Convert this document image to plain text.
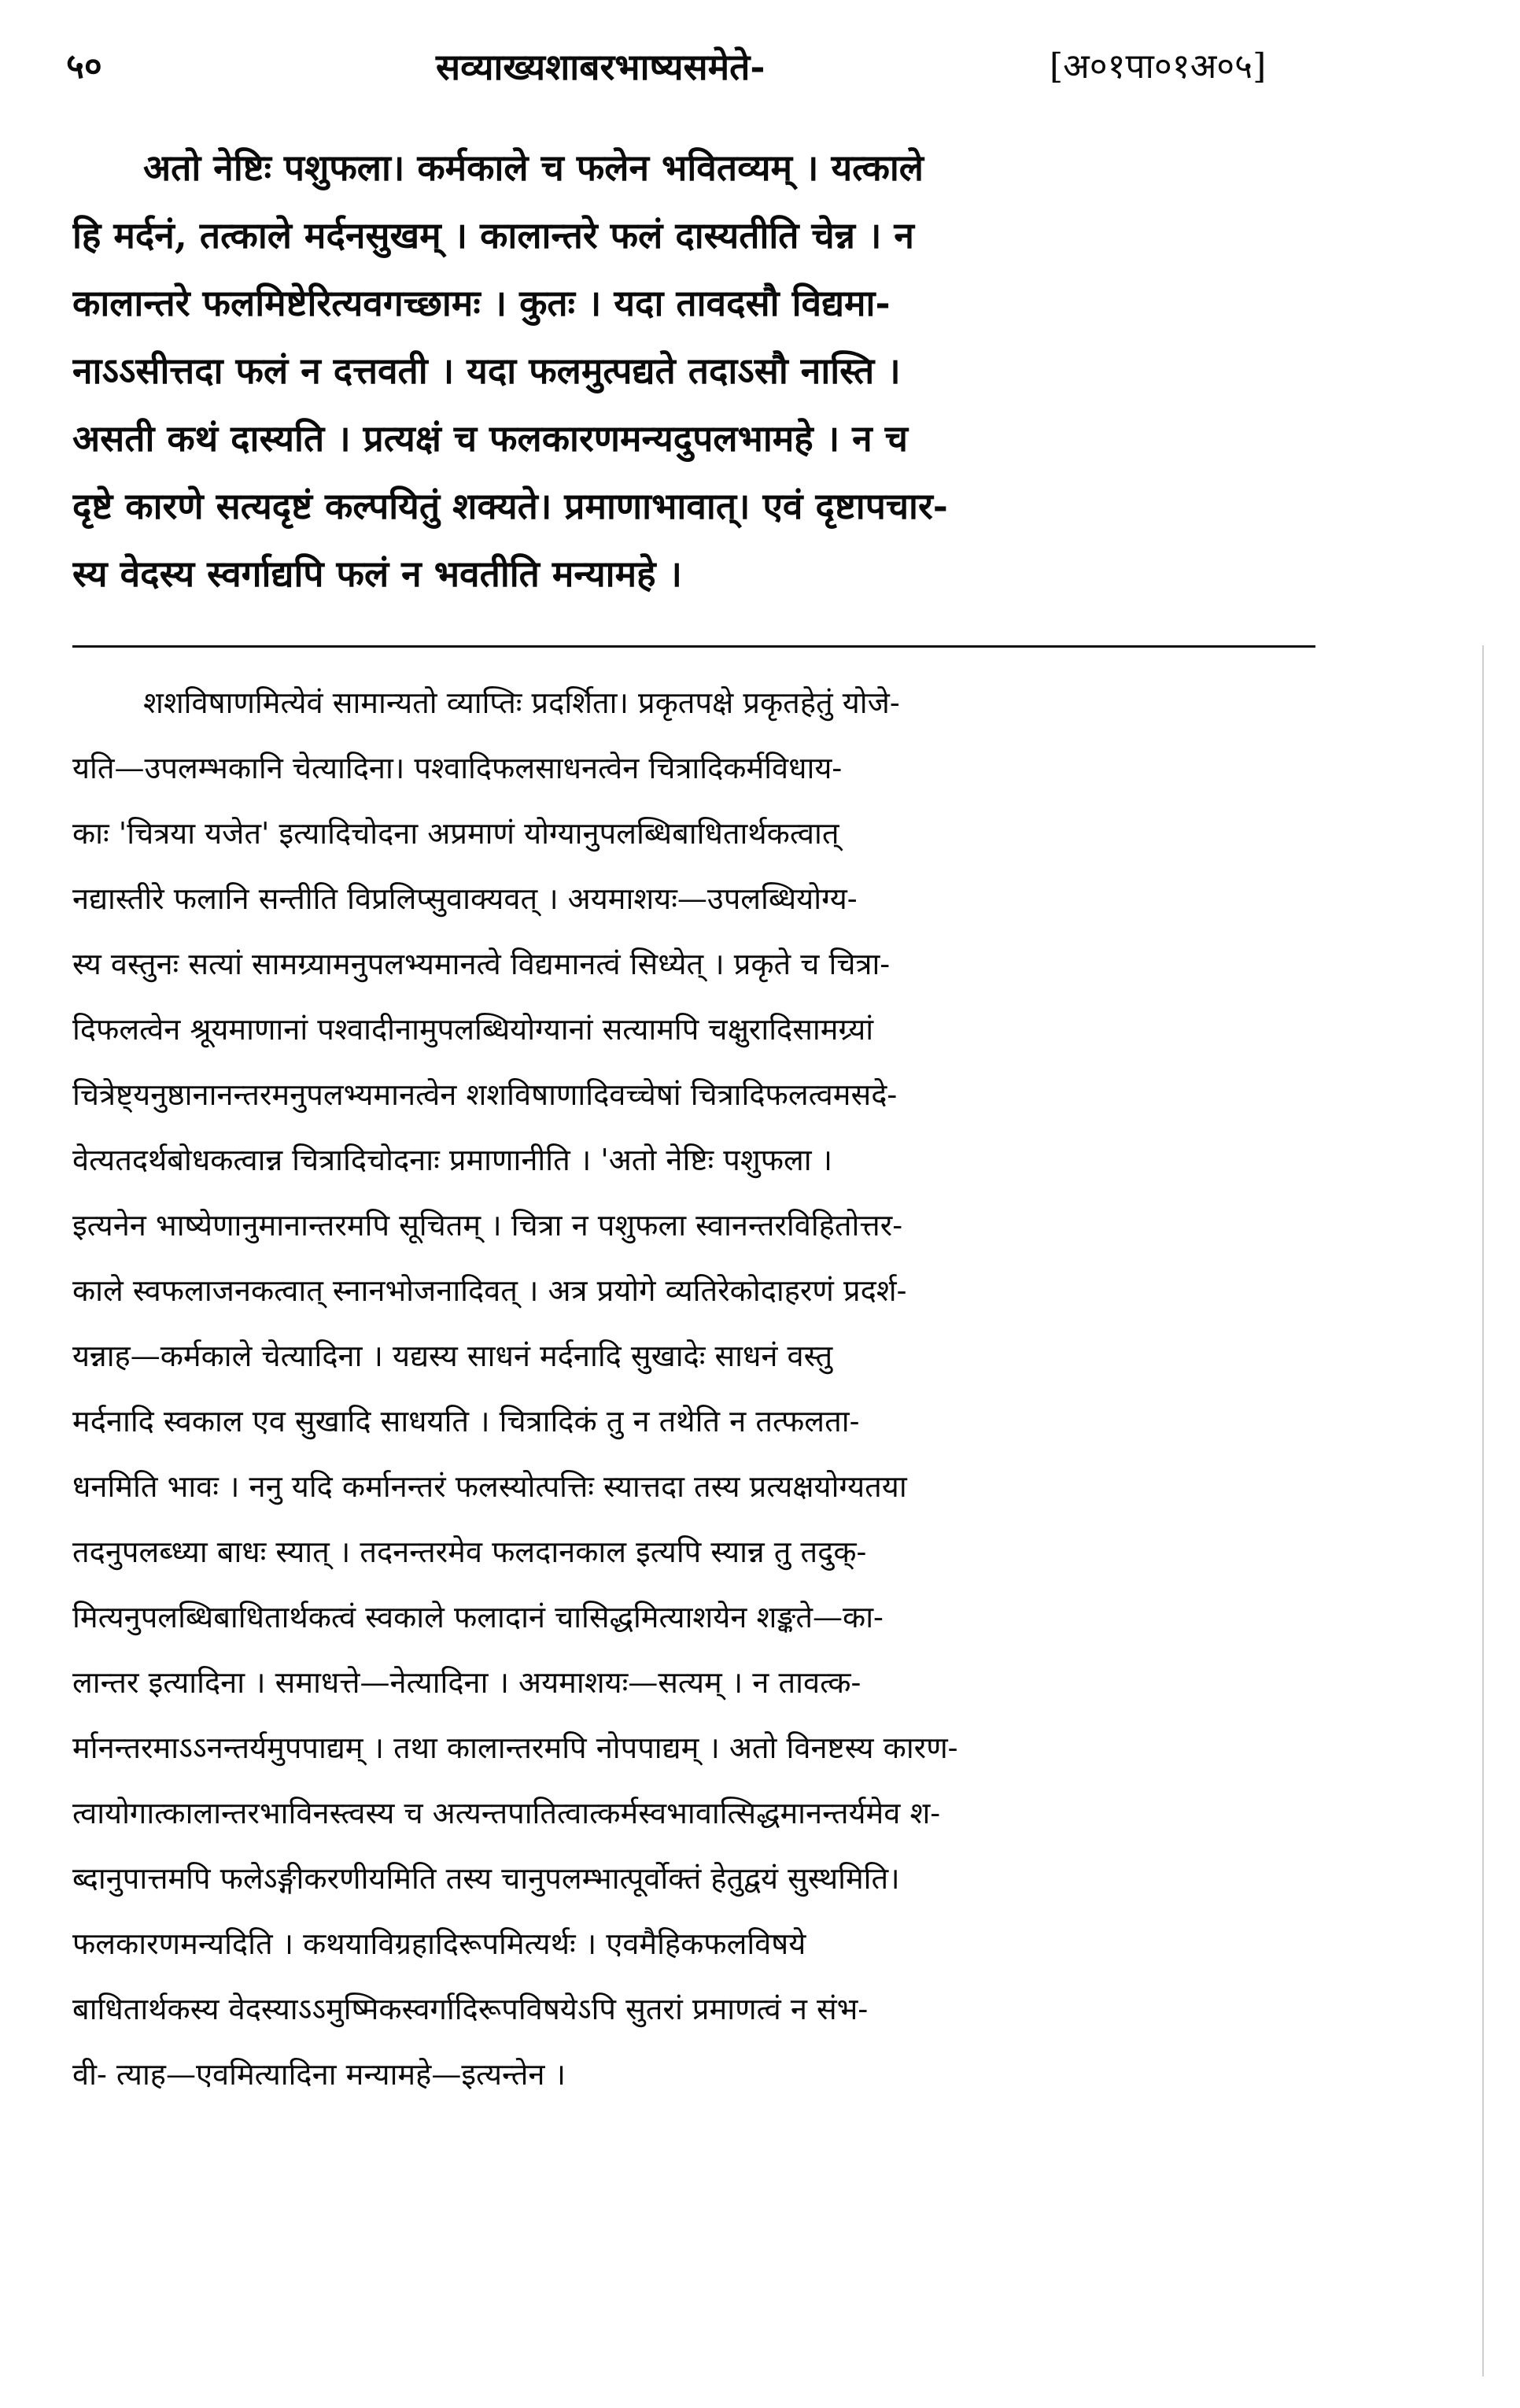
५०	सव्याख्यशाबरभाष्यसमेते-	[अ०१पा०१अ०५]
अतो नेष्टिः पशुफला। कर्मकाले च फलेन भवितव्यम् । यत्काले
हि मर्दनं, तत्काले मर्दनसुखम् । कालान्तरे फलं दास्यतीति चेन्न । न
कालान्तरे फलमिष्टेरित्यवगच्छामः । कुतः । यदा तावदसौ विद्यमा-
नाऽऽसीत्तदा फलं न दत्तवती । यदा फलमुत्पद्यते तदाऽसौ नास्ति ।
असती कथं दास्यति । प्रत्यक्षं च फलकारणमन्यदुपलभामहे । न च
दृष्टे कारणे सत्यदृष्टं कल्पयितुं शक्यते। प्रमाणाभावात्। एवं दृष्टापचार-
स्य वेदस्य स्वर्गाद्यपि फलं न भवतीति मन्यामहे ।
शशविषाणमित्येवं सामान्यतो व्याप्तिः प्रदर्शिता। प्रकृतपक्षे प्रकृतहेतुं योजे-
यति—उपलम्भकानि चेत्यादिना। पश्वादिफलसाधनत्वेन चित्रादिकर्मविधाय-
काः 'चित्रया यजेत' इत्यादिचोदना अप्रमाणं योग्यानुपलब्धिबाधितार्थकत्वात्
नद्यास्तीरे फलानि सन्तीति विप्रलिप्सुवाक्यवत् । अयमाशयः—उपलब्धियोग्य-
स्य वस्तुनः सत्यां सामग्र्यामनुपलभ्यमानत्वे विद्यमानत्वं सिध्येत् । प्रकृते च चित्रा-
दिफलत्वेन श्रूयमाणानां पश्वादीनामुपलब्धियोग्यानां सत्यामपि चक्षुरादिसामग्र्यां
चित्रेष्ट्यनुष्ठानानन्तरमनुपलभ्यमानत्वेन शशविषाणादिवच्चेषां चित्रादिफलत्वमसदे-
वेत्यतदर्थबोधकत्वान्न चित्रादिचोदनाः प्रमाणानीति । 'अतो नेष्टिः पशुफला ।
इत्यनेन भाष्येणानुमानान्तरमपि सूचितम् । चित्रा न पशुफला स्वानन्तरविहितोत्तर-
काले स्वफलाजनकत्वात् स्नानभोजनादिवत् । अत्र प्रयोगे व्यतिरेकोदाहरणं प्रदर्श-
यन्नाह—कर्मकाले चेत्यादिना । यद्यस्य साधनं मर्दनादि सुखादेः साधनं वस्तु
मर्दनादि स्वकाल एव सुखादि साधयति । चित्रादिकं तु न तथेति न तत्फलता-
धनमिति भावः । ननु यदि कर्मानन्तरं फलस्योत्पत्तिः स्यात्तदा तस्य प्रत्यक्षयोग्यतया
तदनुपलब्ध्या बाधः स्यात् । तदनन्तरमेव फलदानकाल इत्यपि स्यान्न तु तदुक्-
मित्यनुपलब्धिबाधितार्थकत्वं स्वकाले फलादानं चासिद्धमित्याशयेन शङ्कते—का-
लान्तर इत्यादिना । समाधत्ते—नेत्यादिना । अयमाशयः—सत्यम् । न तावत्क-
र्मानन्तरमाऽऽनन्तर्यमुपपाद्यम् । तथा कालान्तरमपि नोपपाद्यम् । अतो विनष्टस्य कारण-
त्वायोगात्कालान्तरभाविनस्त्वस्य च अत्यन्तपातित्वात्कर्मस्वभावात्सिद्धमानन्तर्यमेव श-
ब्दानुपात्तमपि फलेऽङ्गीकरणीयमिति तस्य चानुपलम्भात्पूर्वोक्तं हेतुद्वयं सुस्थमिति।
फलकारणमन्यदिति । कथयाविग्रहादिरूपमित्यर्थः । एवमैहिकफलविषये
बाधितार्थकस्य वेदस्याऽऽमुष्मिकस्वर्गादिरूपविषयेऽपि सुतरां प्रमाणत्वं न संभ-
वी- त्याह—एवमित्यादिना मन्यामहे—इत्यन्तेन ।
